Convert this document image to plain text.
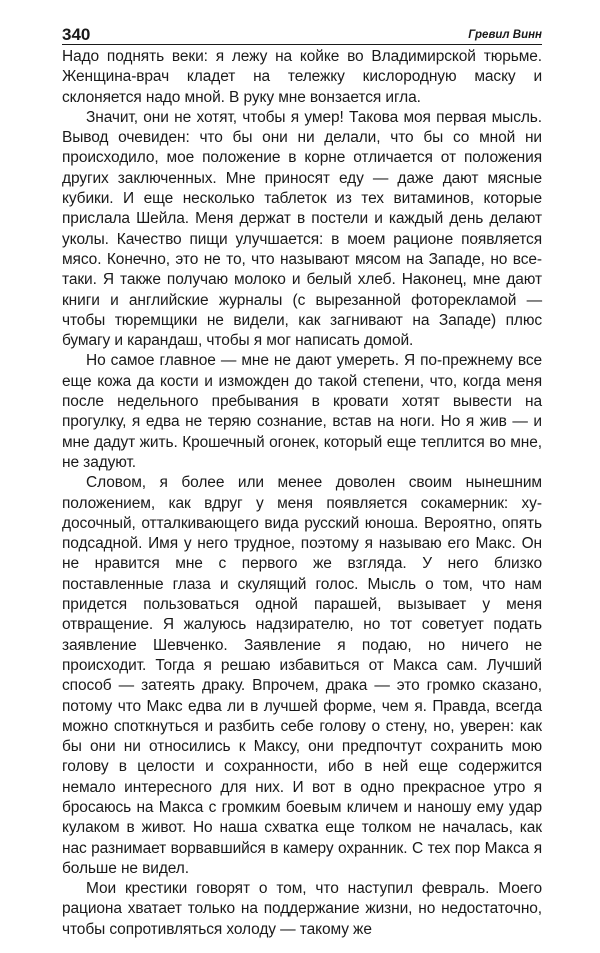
340	Гревил Винн

Надо поднять веки: я лежу на койке во Владимирской тюрьме. Женщина-врач кладет на тележку кислородную маску и склоняется надо мной. В руку мне вонзается игла.

Значит, они не хотят, чтобы я умер! Такова моя первая мысль. Вывод очевиден: что бы они ни делали, что бы со мной ни происходило, мое положение в корне отличается от положения других заключенных. Мне приносят еду — даже дают мясные кубики. И еще несколько таблеток из тех витаминов, которые прислала Шейла. Меня держат в постели и каждый день делают уколы. Качество пищи улучшается: в моем рационе появляется мясо. Конечно, это не то, что называют мясом на Западе, но все-таки. Я также получаю молоко и белый хлеб. Наконец, мне дают книги и английские журналы (с вырезанной фоторекламой — чтобы тюремщики не видели, как загнивают на Западе) плюс бумагу и карандаш, чтобы я мог написать домой.

Но самое главное — мне не дают умереть. Я по-прежнему все еще кожа да кости и изможден до такой степени, что, когда меня после недельного пребывания в кровати хотят вывести на прогулку, я едва не теряю сознание, встав на ноги. Но я жив — и мне дадут жить. Крошечный огонек, который еще теплится во мне, не задуют.

Словом, я более или менее доволен своим нынешним положением, как вдруг у меня появляется сокамерник: худосочный, отталкивающего вида русский юноша. Вероятно, опять подсадной. Имя у него трудное, поэтому я называю его Макс. Он не нравится мне с первого же взгляда. У него близко поставленные глаза и скулящий голос. Мысль о том, что нам придется пользоваться одной парашей, вызывает у меня отвращение. Я жалуюсь надзирателю, но тот советует подать заявление Шевченко. Заявление я подаю, но ничего не происходит. Тогда я решаю избавиться от Макса сам. Лучший способ — затеять драку. Впрочем, драка — это громко сказано, потому что Макс едва ли в лучшей форме, чем я. Правда, всегда можно споткнуться и разбить себе голову о стену, но, уверен: как бы они ни относились к Максу, они предпочтут сохранить мою голову в целости и сохранности, ибо в ней еще содержится немало интересного для них. И вот в одно прекрасное утро я бросаюсь на Макса с громким боевым кличем и наношу ему удар кулаком в живот. Но наша схватка еще толком не началась, как нас разнимает ворвавшийся в камеру охранник. С тех пор Макса я больше не видел.

Мои крестики говорят о том, что наступил февраль. Моего рациона хватает только на поддержание жизни, но недостаточно, чтобы сопротивляться холоду — такому же
